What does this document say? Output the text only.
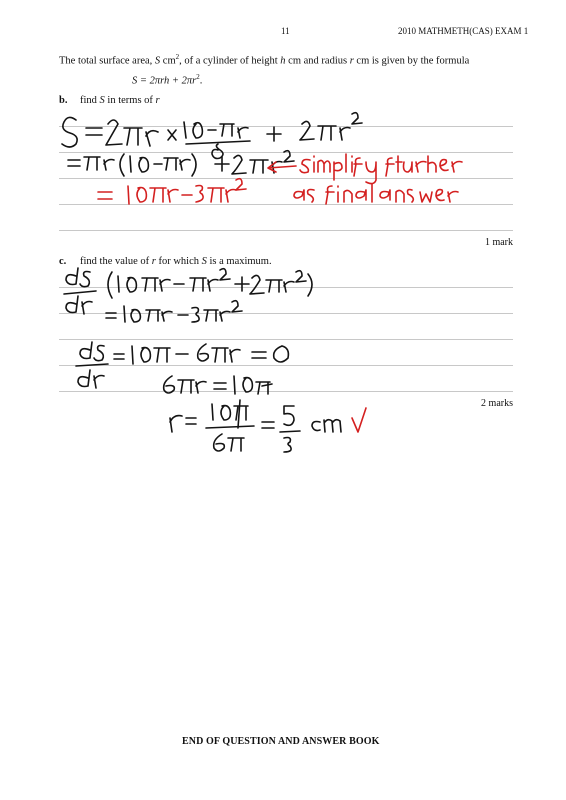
11	2010 MATHMETH(CAS) EXAM 1
The total surface area, S $cm^2$, of a cylinder of height h cm and radius r cm is given by the formula
$S = 2\pi rh + 2\pi r^2$.
b. find S in terms of r
1 mark
c. find the value of r for which S is a maximum.
2 marks
END OF QUESTION AND ANSWER BOOK
